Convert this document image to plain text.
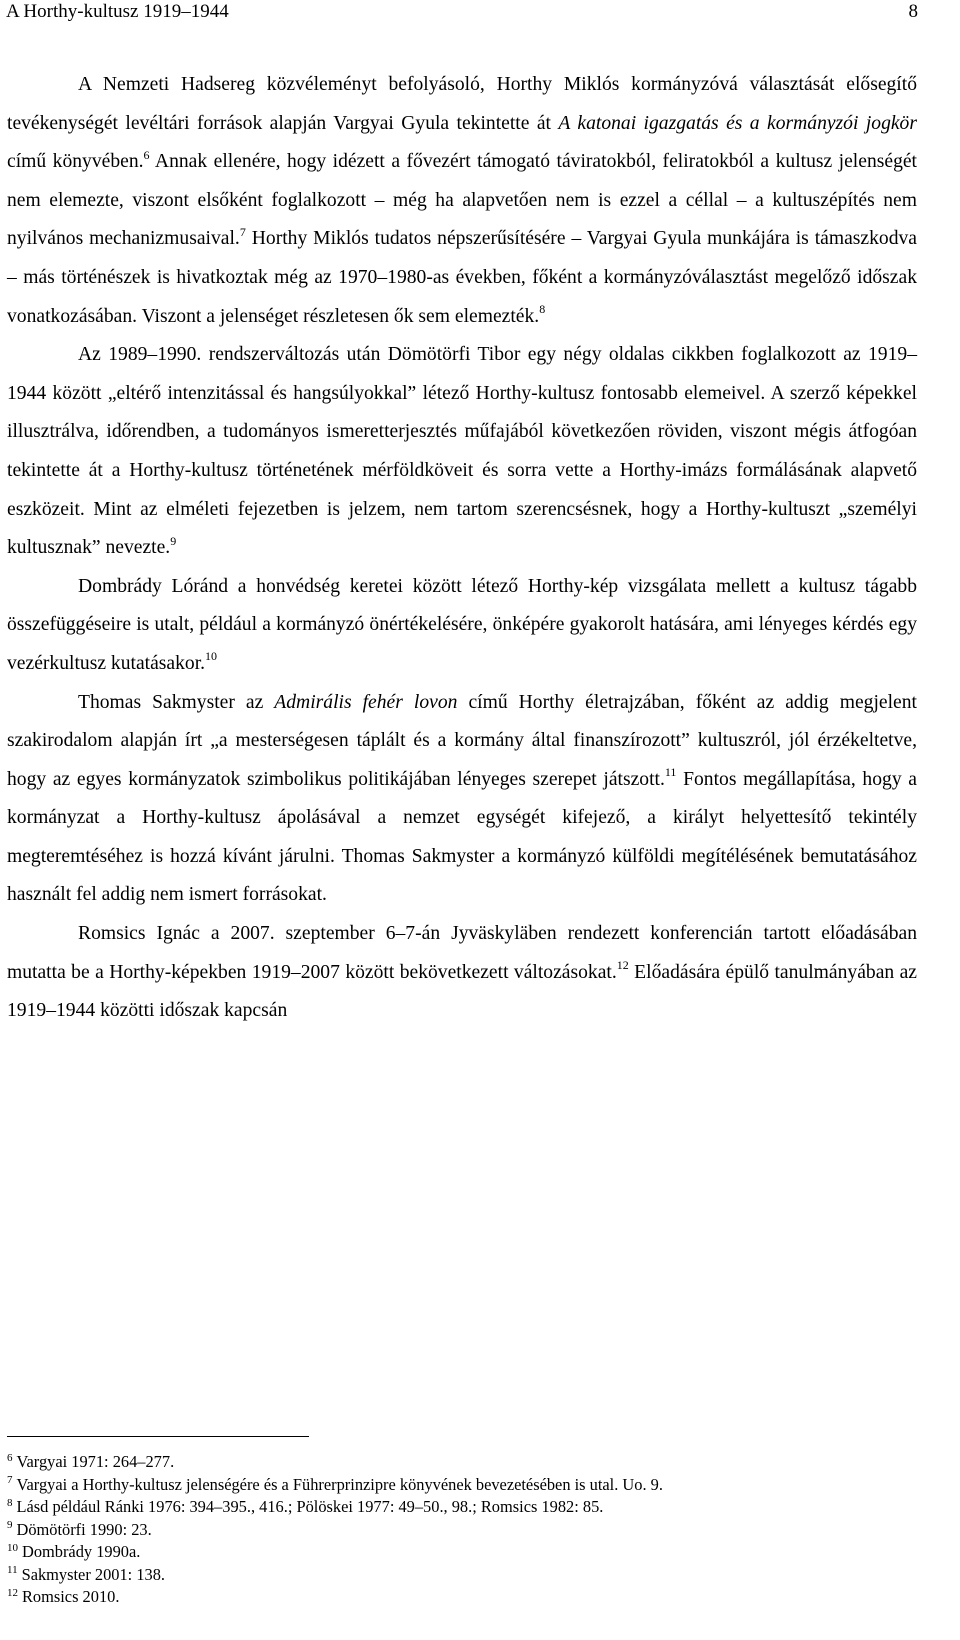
A Horthy-kultusz 1919–1944	8

A Nemzeti Hadsereg közvéleményt befolyásoló, Horthy Miklós kormányzóvá választását elősegítő tevékenységét levéltári források alapján Vargyai Gyula tekintette át A katonai igazgatás és a kormányzói jogkör című könyvében.$^6$ Annak ellenére, hogy idézett a fővezért támogató táviratokból, feliratokból a kultusz jelenségét nem elemezte, viszont elsőként foglalkozott – még ha alapvetően nem is ezzel a céllal – a kultuszépítés nem nyilvános mechanizmusaival.$^7$ Horthy Miklós tudatos népszerűsítésére – Vargyai Gyula munkájára is támaszkodva – más történészek is hivatkoztak még az 1970–1980-as években, főként a kormányzóválasztást megelőző időszak vonatkozásában. Viszont a jelenséget részletesen ők sem elemezték.$^8$

Az 1989–1990. rendszerváltozás után Dömötörfi Tibor egy négy oldalas cikkben foglalkozott az 1919–1944 között „eltérő intenzitással és hangsúlyokkal” létező Horthy-kultusz fontosabb elemeivel. A szerző képekkel illusztrálva, időrendben, a tudományos ismeretterjesztés műfajából következően röviden, viszont mégis átfogóan tekintette át a Horthy-kultusz történetének mérföldköveit és sorra vette a Horthy-imázs formálásának alapvető eszközeit. Mint az elméleti fejezetben is jelzem, nem tartom szerencsésnek, hogy a Horthy-kultuszt „személyi kultusznak” nevezte.$^9$

Dombrády Lóránd a honvédség keretei között létező Horthy-kép vizsgálata mellett a kultusz tágabb összefüggéseire is utalt, például a kormányzó önértékelésére, önképére gyakorolt hatására, ami lényeges kérdés egy vezérkultusz kutatásakor.$^{10}$

Thomas Sakmyster az Admirális fehér lovon című Horthy életrajzában, főként az addig megjelent szakirodalom alapján írt „a mesterségesen táplált és a kormány által finanszírozott” kultuszról, jól érzékeltetve, hogy az egyes kormányzatok szimbolikus politikájában lényeges szerepet játszott.$^{11}$ Fontos megállapítása, hogy a kormányzat a Horthy-kultusz ápolásával a nemzet egységét kifejező, a királyt helyettesítő tekintély megteremtéséhez is hozzá kívánt járulni. Thomas Sakmyster a kormányzó külföldi megítélésének bemutatásához használt fel addig nem ismert forrásokat.

Romsics Ignác a 2007. szeptember 6–7-án Jyväskyläben rendezett konferencián tartott előadásában mutatta be a Horthy-képekben 1919–2007 között bekövetkezett változásokat.$^{12}$ Előadására épülő tanulmányában az 1919–1944 közötti időszak kapcsán

$^6$ Vargyai 1971: 264–277.
$^7$ Vargyai a Horthy-kultusz jelenségére és a Führerprinzipre könyvének bevezetésében is utal. Uo. 9.
$^8$ Lásd például Ránki 1976: 394–395., 416.; Pölöskei 1977: 49–50., 98.; Romsics 1982: 85.
$^9$ Dömötörfi 1990: 23.
$^{10}$ Dombrády 1990a.
$^{11}$ Sakmyster 2001: 138.
$^{12}$ Romsics 2010.
